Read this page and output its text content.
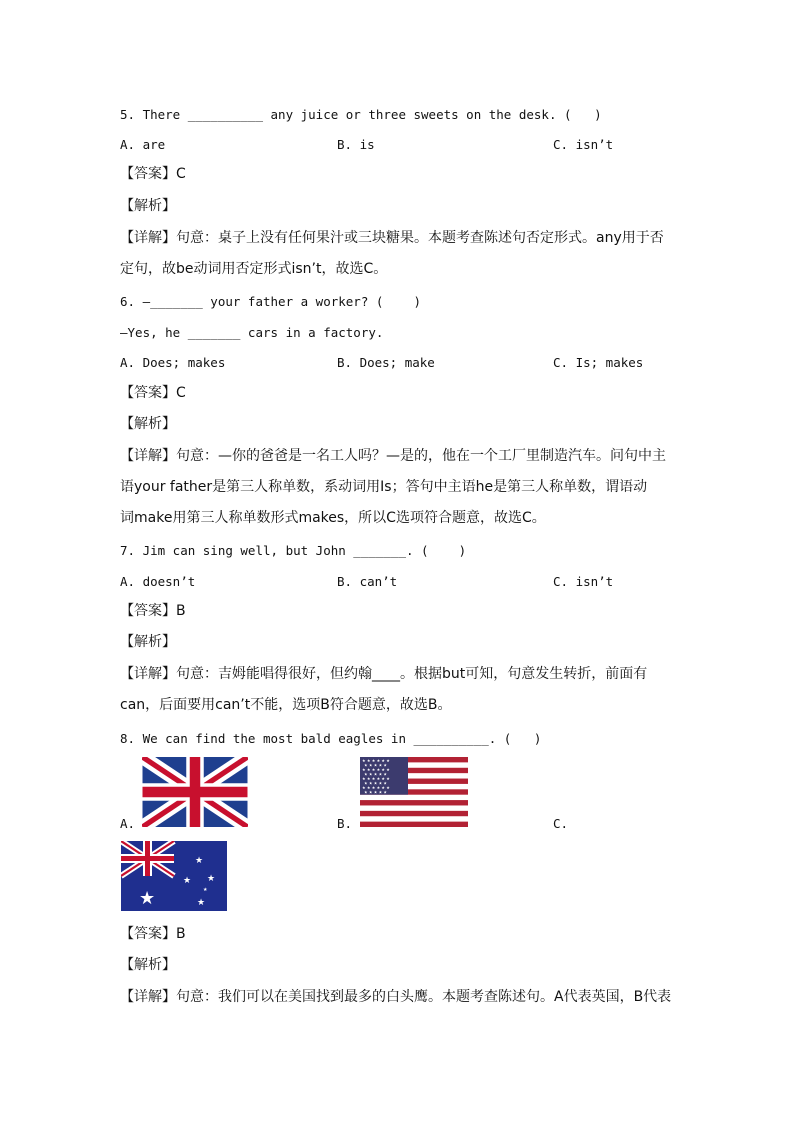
5. There __________ any juice or three sweets on the desk. (   )
A. are	B. is	C. isn’t
【答案】C
【解析】
【详解】句意：桌子上没有任何果汁或三块糖果。本题考查陈述句否定形式。any用于否
定句，故be动词用否定形式isn’t，故选C。
6. —_______ your father a worker? (    )
—Yes, he _______ cars in a factory.
A. Does; makes	B. Does; make	C. Is; makes
【答案】C
【解析】
【详解】句意：—你的爸爸是一名工人吗？—是的，他在一个工厂里制造汽车。问句中主
语your father是第三人称单数，系动词用Is；答句中主语he是第三人称单数，谓语动
词make用第三人称单数形式makes，所以C选项符合题意，故选C。
7. Jim can sing well, but John _______. (    )
A. doesn’t	B. can’t	C. isn’t
【答案】B
【解析】
【详解】句意：吉姆能唱得很好，但约翰____。根据but可知，句意发生转折，前面有
can，后面要用can’t不能，选项B符合题意，故选B。
8. We can find the most bald eagles in __________. (   )
A.
★ ★ ★ ★ ★ ★
★ ★ ★ ★ ★
★ ★ ★ ★ ★ ★
★ ★ ★ ★ ★
★ ★ ★ ★ ★ ★
★ ★ ★ ★ ★
★ ★ ★ ★ ★ ★
★ ★ ★ ★ ★
B.	C.
★
★
★ ★
★
★
【答案】B
【解析】
【详解】句意：我们可以在美国找到最多的白头鹰。本题考查陈述句。A代表英国，B代表
